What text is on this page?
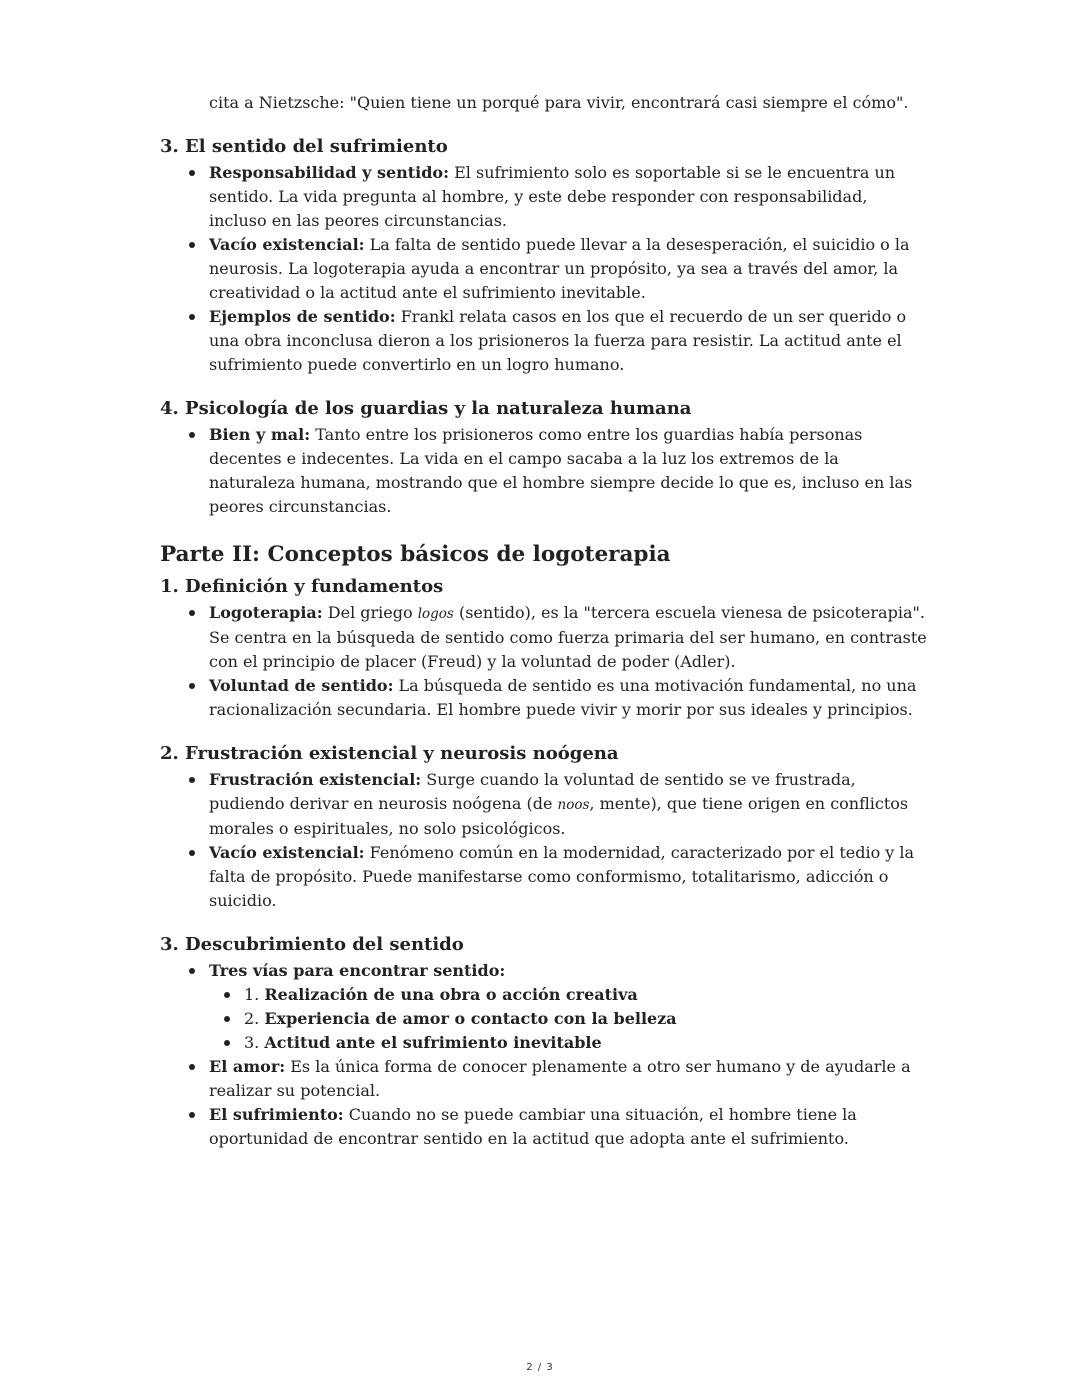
cita a Nietzsche: "Quien tiene un porqué para vivir, encontrará casi siempre el cómo".
3. El sentido del sufrimiento
Responsabilidad y sentido: El sufrimiento solo es soportable si se le encuentra un sentido. La vida pregunta al hombre, y este debe responder con responsabilidad, incluso en las peores circunstancias.
Vacío existencial: La falta de sentido puede llevar a la desesperación, el suicidio o la neurosis. La logoterapia ayuda a encontrar un propósito, ya sea a través del amor, la creatividad o la actitud ante el sufrimiento inevitable.
Ejemplos de sentido: Frankl relata casos en los que el recuerdo de un ser querido o una obra inconclusa dieron a los prisioneros la fuerza para resistir. La actitud ante el sufrimiento puede convertirlo en un logro humano.
4. Psicología de los guardias y la naturaleza humana
Bien y mal: Tanto entre los prisioneros como entre los guardias había personas decentes e indecentes. La vida en el campo sacaba a la luz los extremos de la naturaleza humana, mostrando que el hombre siempre decide lo que es, incluso en las peores circunstancias.
Parte II: Conceptos básicos de logoterapia
1. Definición y fundamentos
Logoterapia: Del griego logos (sentido), es la "tercera escuela vienesa de psicoterapia". Se centra en la búsqueda de sentido como fuerza primaria del ser humano, en contraste con el principio de placer (Freud) y la voluntad de poder (Adler).
Voluntad de sentido: La búsqueda de sentido es una motivación fundamental, no una racionalización secundaria. El hombre puede vivir y morir por sus ideales y principios.
2. Frustración existencial y neurosis noógena
Frustración existencial: Surge cuando la voluntad de sentido se ve frustrada, pudiendo derivar en neurosis noógena (de noos, mente), que tiene origen en conflictos morales o espirituales, no solo psicológicos.
Vacío existencial: Fenómeno común en la modernidad, caracterizado por el tedio y la falta de propósito. Puede manifestarse como conformismo, totalitarismo, adicción o suicidio.
3. Descubrimiento del sentido
Tres vías para encontrar sentido:
1. Realización de una obra o acción creativa
2. Experiencia de amor o contacto con la belleza
3. Actitud ante el sufrimiento inevitable
El amor: Es la única forma de conocer plenamente a otro ser humano y de ayudarle a realizar su potencial.
El sufrimiento: Cuando no se puede cambiar una situación, el hombre tiene la oportunidad de encontrar sentido en la actitud que adopta ante el sufrimiento.
2 / 3
